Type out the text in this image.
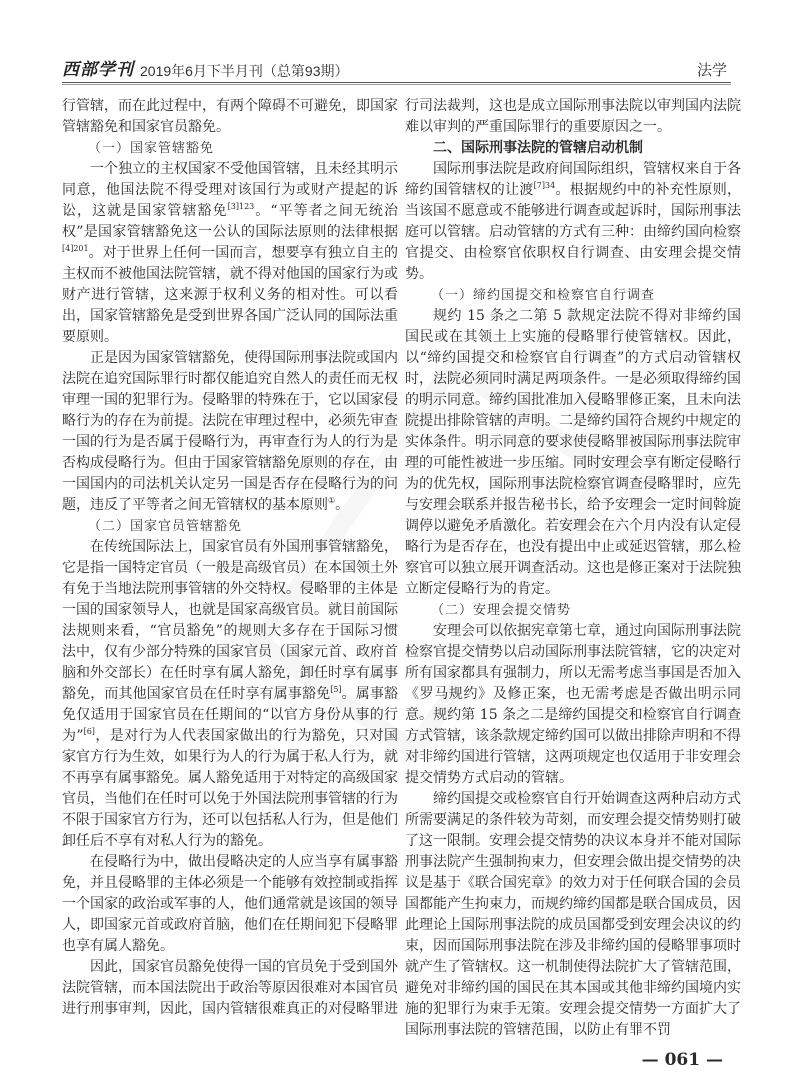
西部学刊 2019年6月下半月刊（总第93期）	法学

行管辖，而在此过程中，有两个障碍不可避免，即国家管辖豁免和国家官员豁免。

（一）国家管辖豁免

一个独立的主权国家不受他国管辖，且未经其明示同意，他国法院不得受理对该国行为或财产提起的诉讼，这就是国家管辖豁免$^{[3]123}$。“平等者之间无统治权”是国家管辖豁免这一公认的国际法原则的法律根据$^{[4]201}$。对于世界上任何一国而言，想要享有独立自主的主权而不被他国法院管辖，就不得对他国的国家行为或财产进行管辖，这来源于权利义务的相对性。可以看出，国家管辖豁免是受到世界各国广泛认同的国际法重要原则。

正是因为国家管辖豁免，使得国际刑事法院或国内法院在追究国际罪行时都仅能追究自然人的责任而无权审理一国的犯罪行为。侵略罪的特殊在于，它以国家侵略行为的存在为前提。法院在审理过程中，必须先审查一国的行为是否属于侵略行为，再审查行为人的行为是否构成侵略行为。但由于国家管辖豁免原则的存在，由一国国内的司法机关认定另一国是否存在侵略行为的问题，违反了平等者之间无管辖权的基本原则①。

（二）国家官员管辖豁免

在传统国际法上，国家官员有外国刑事管辖豁免，它是指一国特定官员（一般是高级官员）在本国领土外有免于当地法院刑事管辖的外交特权。侵略罪的主体是一国的国家领导人，也就是国家高级官员。就目前国际法规则来看，“官员豁免”的规则大多存在于国际习惯法中，仅有少部分特殊的国家官员（国家元首、政府首脑和外交部长）在任时享有属人豁免，卸任时享有属事豁免，而其他国家官员在任时享有属事豁免[5]。属事豁免仅适用于国家官员在任期间的“以官方身份从事的行为”[6]，是对行为人代表国家做出的行为豁免，只对国家官方行为生效，如果行为人的行为属于私人行为，就不再享有属事豁免。属人豁免适用于对特定的高级国家官员，当他们在任时可以免于外国法院刑事管辖的行为不限于国家官方行为，还可以包括私人行为，但是他们卸任后不享有对私人行为的豁免。

在侵略行为中，做出侵略决定的人应当享有属事豁免，并且侵略罪的主体必须是一个能够有效控制或指挥一个国家的政治或军事的人，他们通常就是该国的领导人，即国家元首或政府首脑，他们在任期间犯下侵略罪也享有属人豁免。

因此，国家官员豁免使得一国的官员免于受到国外法院管辖，而本国法院出于政治等原因很难对本国官员进行刑事审判，因此，国内管辖很难真正的对侵略罪进

行司法裁判，这也是成立国际刑事法院以审判国内法院难以审判的严重国际罪行的重要原因之一。

二、国际刑事法院的管辖启动机制

国际刑事法院是政府间国际组织，管辖权来自于各缔约国管辖权的让渡$^{[7]34}$。根据规约中的补充性原则，当该国不愿意或不能够进行调查或起诉时，国际刑事法庭可以管辖。启动管辖的方式有三种：由缔约国向检察官提交、由检察官依职权自行调查、由安理会提交情势。

（一）缔约国提交和检察官自行调查

规约 15 条之二第 5 款规定法院不得对非缔约国国民或在其领土上实施的侵略罪行使管辖权。因此，以“缔约国提交和检察官自行调查”的方式启动管辖权时，法院必须同时满足两项条件。一是必须取得缔约国的明示同意。缔约国批准加入侵略罪修正案，且未向法院提出排除管辖的声明。二是缔约国符合规约中规定的实体条件。明示同意的要求使侵略罪被国际刑事法院审理的可能性被进一步压缩。同时安理会享有断定侵略行为的优先权，国际刑事法院检察官调查侵略罪时，应先与安理会联系并报告秘书长，给予安理会一定时间斡旋调停以避免矛盾激化。若安理会在六个月内没有认定侵略行为是否存在，也没有提出中止或延迟管辖，那么检察官可以独立展开调查活动。这也是修正案对于法院独立断定侵略行为的肯定。

（二）安理会提交情势

安理会可以依据宪章第七章，通过向国际刑事法院检察官提交情势以启动国际刑事法院管辖，它的决定对所有国家都具有强制力，所以无需考虑当事国是否加入《罗马规约》及修正案，也无需考虑是否做出明示同意。规约第 15 条之二是缔约国提交和检察官自行调查方式管辖，该条款规定缔约国可以做出排除声明和不得对非缔约国进行管辖，这两项规定也仅适用于非安理会提交情势方式启动的管辖。

缔约国提交或检察官自行开始调查这两种启动方式所需要满足的条件较为苛刻，而安理会提交情势则打破了这一限制。安理会提交情势的决议本身并不能对国际刑事法院产生强制拘束力，但安理会做出提交情势的决议是基于《联合国宪章》的效力对于任何联合国的会员国都能产生拘束力，而规约缔约国都是联合国成员，因此理论上国际刑事法院的成员国都受到安理会决议的约束，因而国际刑事法院在涉及非缔约国的侵略罪事项时就产生了管辖权。这一机制使得法院扩大了管辖范围，避免对非缔约国的国民在其本国或其他非缔约国境内实施的犯罪行为束手无策。安理会提交情势一方面扩大了国际刑事法院的管辖范围，以防止有罪不罚

— 061 —
